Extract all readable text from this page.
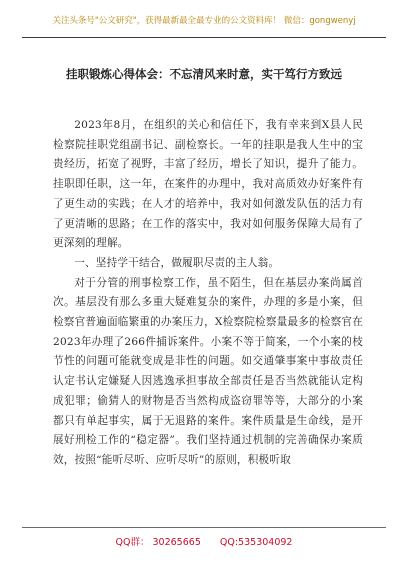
关注头条号"公文研究"，获得最新最全最专业的公文资料库！ 微信：gongwenyj
挂职锻炼心得体会：不忘清风来时意，实干笃行方致远

2023年8月，在组织的关心和信任下，我有幸来到X县人民检察院挂职党组副书记、副检察长。一年的挂职是我人生中的宝贵经历，拓宽了视野，丰富了经历，增长了知识，提升了能力。挂职即任职，这一年，在案件的办理中，我对高质效办好案件有了更生动的实践；在人才的培养中，我对如何激发队伍的活力有了更清晰的思路；在工作的落实中，我对如何服务保障大局有了更深刻的理解。

一、坚持学干结合，做履职尽责的主人翁。

对于分管的刑事检察工作，虽不陌生，但在基层办案尚属首次。基层没有那么多重大疑难复杂的案件，办理的多是小案，但检察官普遍面临繁重的办案压力，X检察院检察量最多的检察官在2023年办理了266件捕诉案件。小案不等于简案，一个小案的枝节性的问题可能就变成是非性的问题。如交通肇事案中事故责任认定书认定嫌疑人因逃逸承担事故全部责任是否当然就能认定构成犯罪；偷猜人的财物是否当然构成盗窃罪等等，大部分的小案都只有单起事实，属于无退路的案件。案件质量是生命线，是开展好刑检工作的“稳定器”。我们坚持通过机制的完善确保办案质效，按照“能听尽听、应听尽听”的原则，积极听取

QQ群： 30265665 QQ:535304092
